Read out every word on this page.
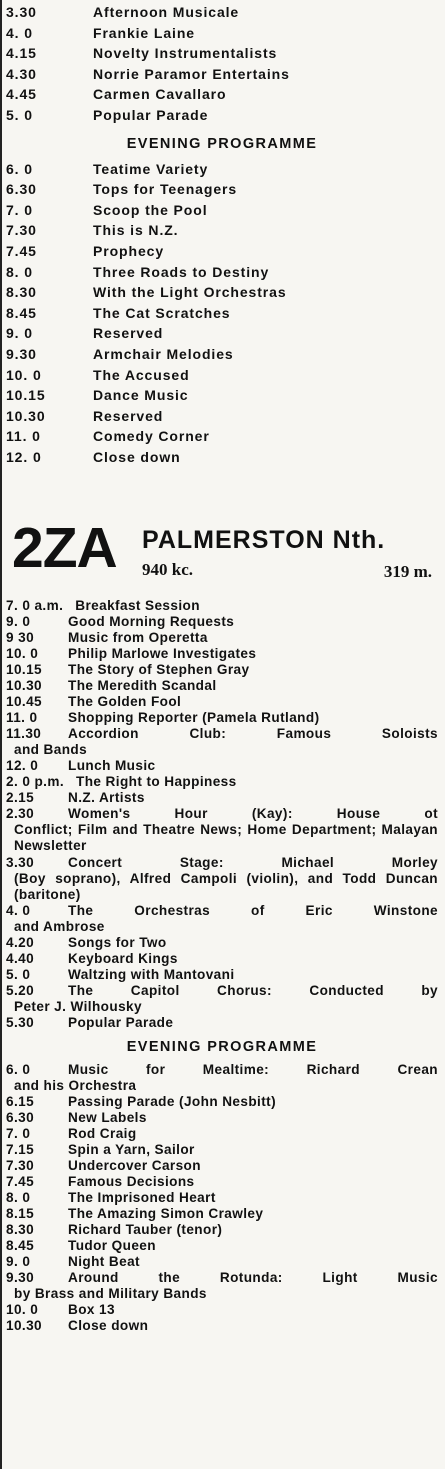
3.30	Afternoon Musicale
4. 0	Frankie Laine
4.15	Novelty Instrumentalists
4.30	Norrie Paramor Entertains
4.45	Carmen Cavallaro
5. 0	Popular Parade
EVENING PROGRAMME
6. 0	Teatime Variety
6.30	Tops for Teenagers
7. 0	Scoop the Pool
7.30	This is N.Z.
7.45	Prophecy
8. 0	Three Roads to Destiny
8.30	With the Light Orchestras
8.45	The Cat Scratches
9. 0	Reserved
9.30	Armchair Melodies
10. 0	The Accused
10.15	Dance Music
10.30	Reserved
11. 0	Comedy Corner
12. 0	Close down
2ZA PALMERSTON Nth.
940 kc.	319 m.
7. 0 a.m. Breakfast Session
9. 0	Good Morning Requests
9 30	Music from Operetta
10. 0	Philip Marlowe Investigates
10.15	The Story of Stephen Gray
10.30	The Meredith Scandal
10.45	The Golden Fool
11. 0	Shopping Reporter (Pamela Rutland)
11.30	Accordion Club: Famous Soloists
and Bands
12. 0	Lunch Music
2. 0 p.m. The Right to Happiness
2.15	N.Z. Artists
2.30	Women's Hour (Kay): House ot
Conflict; Film and Theatre News; Home Department; Malayan Newsletter
3.30	Concert Stage: Michael Morley
(Boy soprano), Alfred Campoli (violin), and Todd Duncan (baritone)
4. 0	The Orchestras of Eric Winstone
and Ambrose
4.20	Songs for Two
4.40	Keyboard Kings
5. 0	Waltzing with Mantovani
5.20	The Capitol Chorus: Conducted by
Peter J. Wilhousky
5.30	Popular Parade
EVENING PROGRAMME
6. 0	Music for Mealtime: Richard Crean
and his Orchestra
6.15	Passing Parade (John Nesbitt)
6.30	New Labels
7. 0	Rod Craig
7.15	Spin a Yarn, Sailor
7.30	Undercover Carson
7.45	Famous Decisions
8. 0	The Imprisoned Heart
8.15	The Amazing Simon Crawley
8.30	Richard Tauber (tenor)
8.45	Tudor Queen
9. 0	Night Beat
9.30	Around the Rotunda: Light Music
by Brass and Military Bands
10. 0	Box 13
10.30	Close down
